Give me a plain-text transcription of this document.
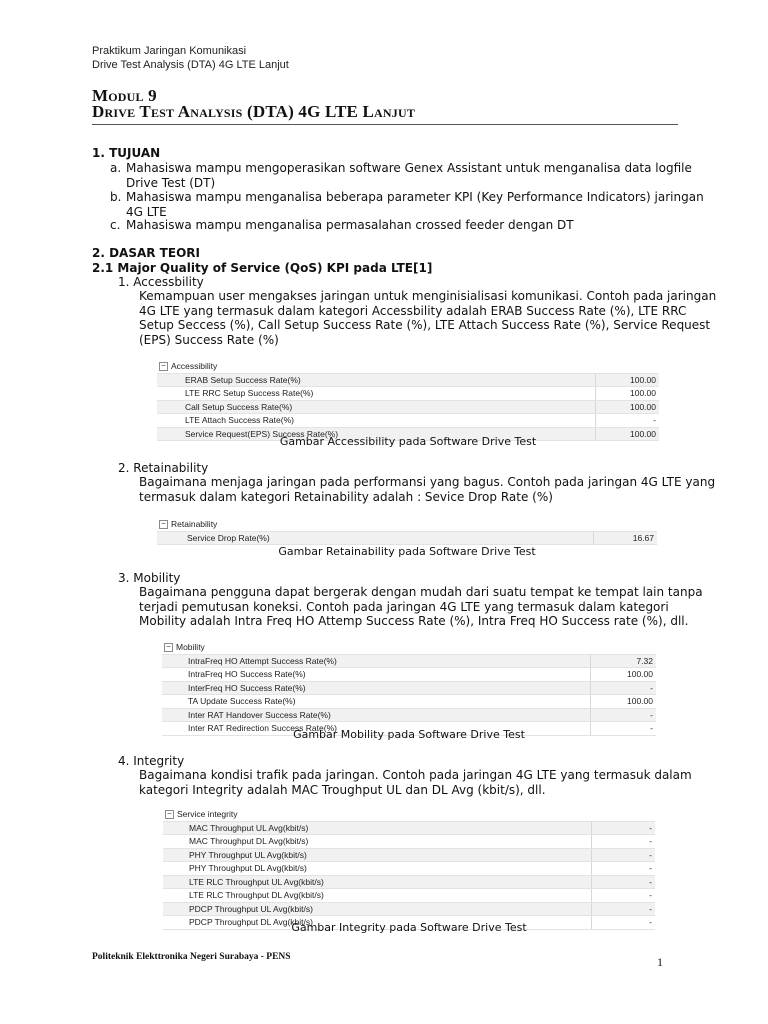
Praktikum Jaringan Komunikasi
Drive Test Analysis (DTA) 4G LTE Lanjut
Modul 9
Drive Test Analysis (DTA) 4G LTE Lanjut
1. TUJUAN
a. Mahasiswa mampu mengoperasikan software Genex Assistant untuk menganalisa data logfile
Drive Test (DT)
b. Mahasiswa mampu menganalisa beberapa parameter KPI (Key Performance Indicators) jaringan
4G LTE
c. Mahasiswa mampu menganalisa permasalahan crossed feeder dengan DT
2. DASAR TEORI
2.1 Major Quality of Service (QoS) KPI pada LTE[1]
1. Accessbility
Kemampuan user mengakses jaringan untuk menginisialisasi komunikasi. Contoh pada jaringan
4G LTE yang termasuk dalam kategori Accessbility adalah ERAB Success Rate (%), LTE RRC
Setup Seccess (%), Call Setup Success Rate (%), LTE Attach Success Rate (%), Service Request
(EPS) Success Rate (%)
− Accessibility
ERAB Setup Success Rate(%)	100.00
LTE RRC Setup Success Rate(%)	100.00
Call Setup Success Rate(%)	100.00
LTE Attach Success Rate(%)	-
Service Request(EPS) Success Rate(%)	100.00
Gambar Accessibility pada Software Drive Test
2. Retainability
Bagaimana menjaga jaringan pada performansi yang bagus. Contoh pada jaringan 4G LTE yang
termasuk dalam kategori Retainability adalah : Sevice Drop Rate (%)
− Retainability
Service Drop Rate(%)	16.67
Gambar Retainability pada Software Drive Test
3. Mobility
Bagaimana pengguna dapat bergerak dengan mudah dari suatu tempat ke tempat lain tanpa
terjadi pemutusan koneksi. Contoh pada jaringan 4G LTE yang termasuk dalam kategori
Mobility adalah Intra Freq HO Attemp Success Rate (%), Intra Freq HO Success rate (%), dll.
− Mobility
IntraFreq HO Attempt Success Rate(%)	7.32
IntraFreq HO Success Rate(%)	100.00
InterFreq HO Success Rate(%)	-
TA Update Success Rate(%)	100.00
Inter RAT Handover Success Rate(%)	-
Inter RAT Redirection Success Rate(%)	-
Gambar Mobility pada Software Drive Test
4. Integrity
Bagaimana kondisi trafik pada jaringan. Contoh pada jaringan 4G LTE yang termasuk dalam
kategori Integrity adalah MAC Troughput UL dan DL Avg (kbit/s), dll.
− Service integrity
MAC Throughput UL Avg(kbit/s)	-
MAC Throughput DL Avg(kbit/s)	-
PHY Throughput UL Avg(kbit/s)	-
PHY Throughput DL Avg(kbit/s)	-
LTE RLC Throughput UL Avg(kbit/s)	-
LTE RLC Throughput DL Avg(kbit/s)	-
PDCP Throughput UL Avg(kbit/s)	-
PDCP Throughput DL Avg(kbit/s)	-
Gambar Integrity pada Software Drive Test
Politeknik Elekttronika Negeri Surabaya - PENS	1
